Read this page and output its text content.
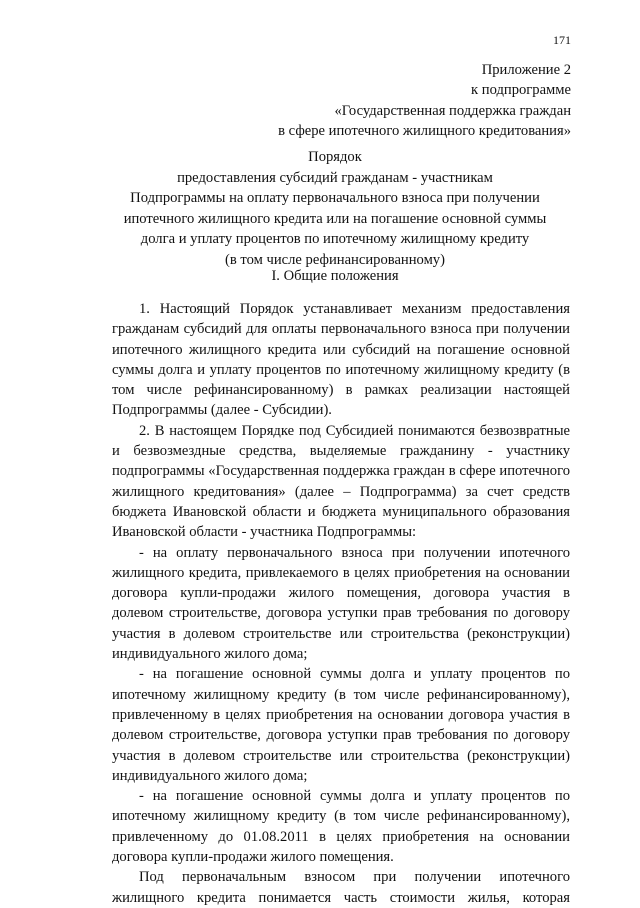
171
Приложение 2
к подпрограмме
«Государственная поддержка граждан
в сфере ипотечного жилищного кредитования»
Порядок
предоставления субсидий гражданам - участникам
Подпрограммы на оплату первоначального взноса при получении
ипотечного жилищного кредита или на погашение основной суммы
долга и уплату процентов по ипотечному жилищному кредиту
(в том числе рефинансированному)
I. Общие положения

1. Настоящий Порядок устанавливает механизм предоставления гражданам субсидий для оплаты первоначального взноса при получении ипотечного жилищного кредита или субсидий на погашение основной суммы долга и уплату процентов по ипотечному жилищному кредиту (в том числе рефинансированному) в рамках реализации настоящей Подпрограммы (далее - Субсидии).

2. В настоящем Порядке под Субсидией понимаются безвозвратные и безвозмездные средства, выделяемые гражданину - участнику подпрограммы «Государственная поддержка граждан в сфере ипотечного жилищного кредитования» (далее – Подпрограмма) за счет средств бюджета Ивановской области и бюджета муниципального образования Ивановской области - участника Подпрограммы:

- на оплату первоначального взноса при получении ипотечного жилищного кредита, привлекаемого в целях приобретения на основании договора купли-продажи жилого помещения, договора участия в долевом строительстве, договора уступки прав требования по договору участия в долевом строительстве или строительства (реконструкции) индивидуального жилого дома;

- на погашение основной суммы долга и уплату процентов по ипотечному жилищному кредиту (в том числе рефинансированному), привлеченному в целях приобретения на основании договора участия в долевом строительстве, договора уступки прав требования по договору участия в долевом строительстве или строительства (реконструкции) индивидуального жилого дома;

- на погашение основной суммы долга и уплату процентов по ипотечному жилищному кредиту (в том числе рефинансированному), привлеченному до 01.08.2011 в целях приобретения на основании договора купли-продажи жилого помещения.

Под первоначальным взносом при получении ипотечного жилищного кредита понимается часть стоимости жилья, которая
